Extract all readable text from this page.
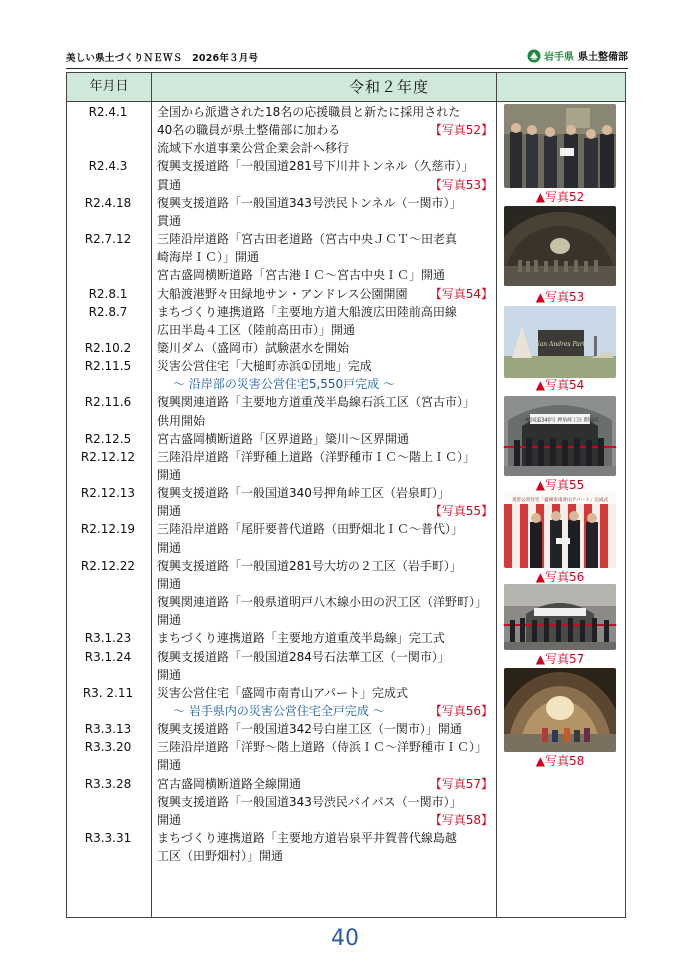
美しい県土づくりＮＥＷＳ　2026年３月号	岩手県 県土整備部
年月日	令和２年度
R2.4.1	全国から派遣された18名の応援職員と新たに採用された
40名の職員が県土整備部に加わる	【写真52】
流域下水道事業公営企業会計へ移行
R2.4.3	復興支援道路「一般国道281号下川井トンネル（久慈市）」
貫通	【写真53】
R2.4.18	復興支援道路「一般国道343号渋民トンネル（一関市）」
貫通
R2.7.12	三陸沿岸道路「宮古田老道路（宮古中央ＪＣＴ～田老真
崎海岸ＩＣ）」開通
宮古盛岡横断道路「宮古港ＩＣ～宮古中央ＩＣ」開通
R2.8.1	大船渡港野々田緑地サン・アンドレス公園開園 【写真54】
R2.8.7	まちづくり連携道路「主要地方道大船渡広田陸前高田線
広田半島４工区（陸前高田市）」開通
R2.10.2	簗川ダム（盛岡市）試験湛水を開始
R2.11.5	災害公営住宅「大槌町赤浜①団地」完成
～ 沿岸部の災害公営住宅5,550戸完成 ～
R2.11.6	復興関連道路「主要地方道重茂半島線石浜工区（宮古市）」
供用開始
R2.12.5	宮古盛岡横断道路「区界道路」簗川～区界開通
R2.12.12	三陸沿岸道路「洋野種上道路（洋野種市ＩＣ～階上ＩＣ）」
開通
R2.12.13	復興支援道路「一般国道340号押角峠工区（岩泉町）」
開通	【写真55】
R2.12.19	三陸沿岸道路「尾肝要普代道路（田野畑北ＩＣ～普代）」
開通
R2.12.22	復興支援道路「一般国道281号大坊の２工区（岩手町）」
開通
復興関連道路「一般県道明戸八木線小田の沢工区（洋野町）」
開通
R3.1.23	まちづくり連携道路「主要地方道重茂半島線」完工式
R3.1.24	復興支援道路「一般国道284号石法華工区（一関市）」
開通
R3. 2.11	災害公営住宅「盛岡市南青山アパート」完成式
～ 岩手県内の災害公営住宅全戸完成 ～	【写真56】
R3.3.13	復興支援道路「一般国道342号白崖工区（一関市）」開通
R3.3.20	三陸沿岸道路「洋野～階上道路（侍浜ＩＣ～洋野種市ＩＣ）」
開通
R3.3.28	宮古盛岡横断道路全線開通	【写真57】
復興支援道路「一般国道343号渋民バイパス（一関市）」
開通	【写真58】
R3.3.31	まちづくり連携道路「主要地方道岩泉平井賀普代線島越
工区（田野畑村）」開通
▲写真52
▲写真53
San Andres Park
▲写真54
一般国道340号 押角峠工区 開通式
▲写真55
災害公営住宅「盛岡市南青山アパート」完成式
▲写真56
▲写真57
▲写真58
40
